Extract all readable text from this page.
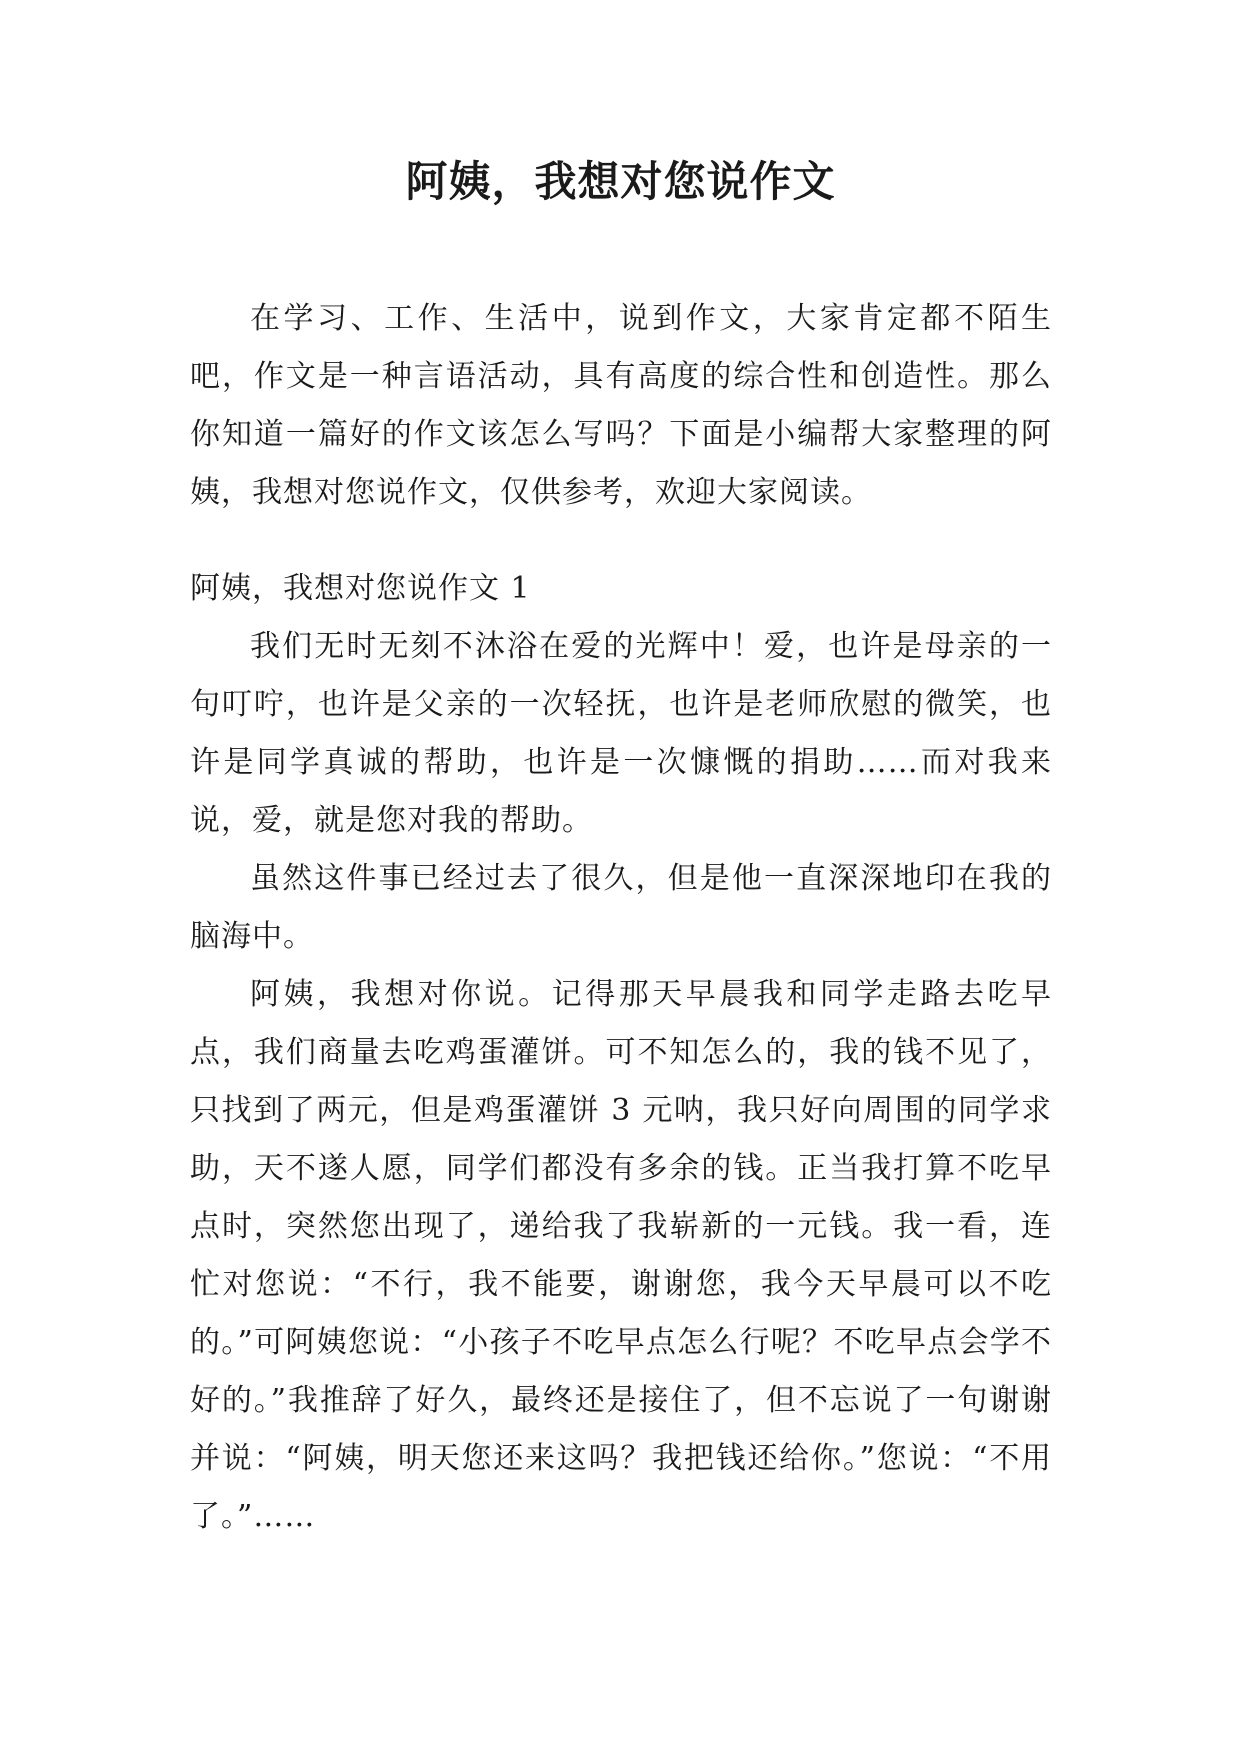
阿姨，我想对您说作文

在学习、工作、生活中，说到作文，大家肯定都不陌生吧，作文是一种言语活动，具有高度的综合性和创造性。那么你知道一篇好的作文该怎么写吗？下面是小编帮大家整理的阿姨，我想对您说作文，仅供参考，欢迎大家阅读。

阿姨，我想对您说作文 1

我们无时无刻不沐浴在爱的光辉中！爱，也许是母亲的一句叮咛，也许是父亲的一次轻抚，也许是老师欣慰的微笑，也许是同学真诚的帮助，也许是一次慷慨的捐助……而对我来说，爱，就是您对我的帮助。

虽然这件事已经过去了很久，但是他一直深深地印在我的脑海中。

阿姨，我想对你说。记得那天早晨我和同学走路去吃早点，我们商量去吃鸡蛋灌饼。可不知怎么的，我的钱不见了，只找到了两元，但是鸡蛋灌饼 3 元呐，我只好向周围的同学求助，天不遂人愿，同学们都没有多余的钱。正当我打算不吃早点时，突然您出现了，递给我了我崭新的一元钱。我一看，连忙对您说：“不行，我不能要，谢谢您，我今天早晨可以不吃的。”可阿姨您说：“小孩子不吃早点怎么行呢？不吃早点会学不好的。”我推辞了好久，最终还是接住了，但不忘说了一句谢谢并说：“阿姨，明天您还来这吗？我把钱还给你。”您说：“不用了。”……
